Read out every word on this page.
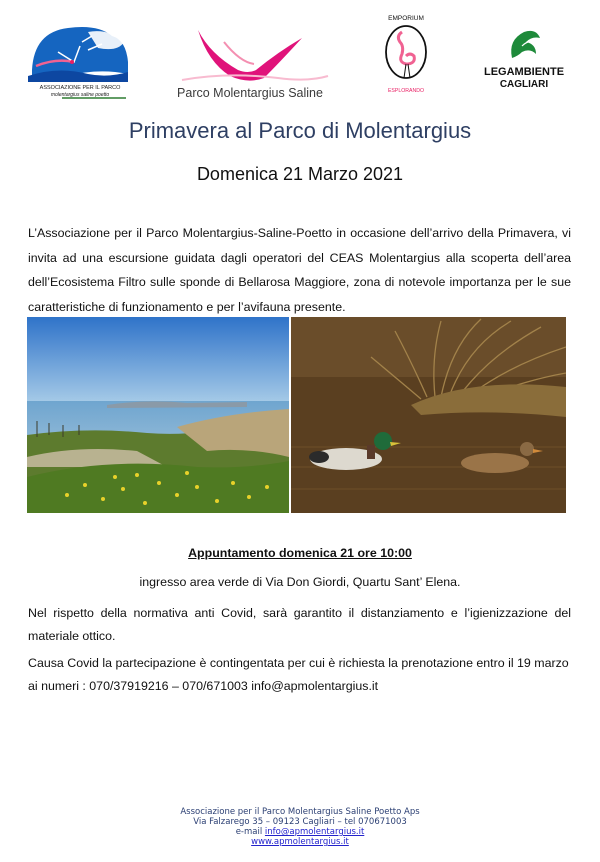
ASSOCIAZIONE PER IL PARCO
molentargius saline poetto	Parco Molentargius Saline
EMPORIUM
ESPLORANDO
LEGAMBIENTE
CAGLIARI
Primavera al Parco di Molentargius
Domenica 21 Marzo 2021
L’Associazione per il Parco Molentargius-Saline-Poetto in occasione dell’arrivo della Primavera, vi invita ad una escursione guidata dagli operatori del CEAS Molentargius alla scoperta dell’area dell’Ecosistema Filtro sulle sponde di Bellarosa Maggiore, zona di notevole importanza per le sue caratteristiche di funzionamento e per l’avifauna presente.
Appuntamento domenica 21 ore 10:00
ingresso area verde di Via Don Giordi, Quartu Sant’ Elena.
Nel rispetto della normativa anti Covid, sarà garantito il distanziamento e l’igienizzazione del materiale ottico.
Causa Covid la partecipazione è contingentata per cui è richiesta la prenotazione entro il 19 marzo
ai numeri : 070/37919216 – 070/671003 info@apmolentargius.it
Associazione per il Parco Molentargius Saline Poetto Aps
Via Falzarego 35 – 09123 Cagliari – tel 070671003
e-mail info@apmolentargius.it
www.apmolentargius.it
